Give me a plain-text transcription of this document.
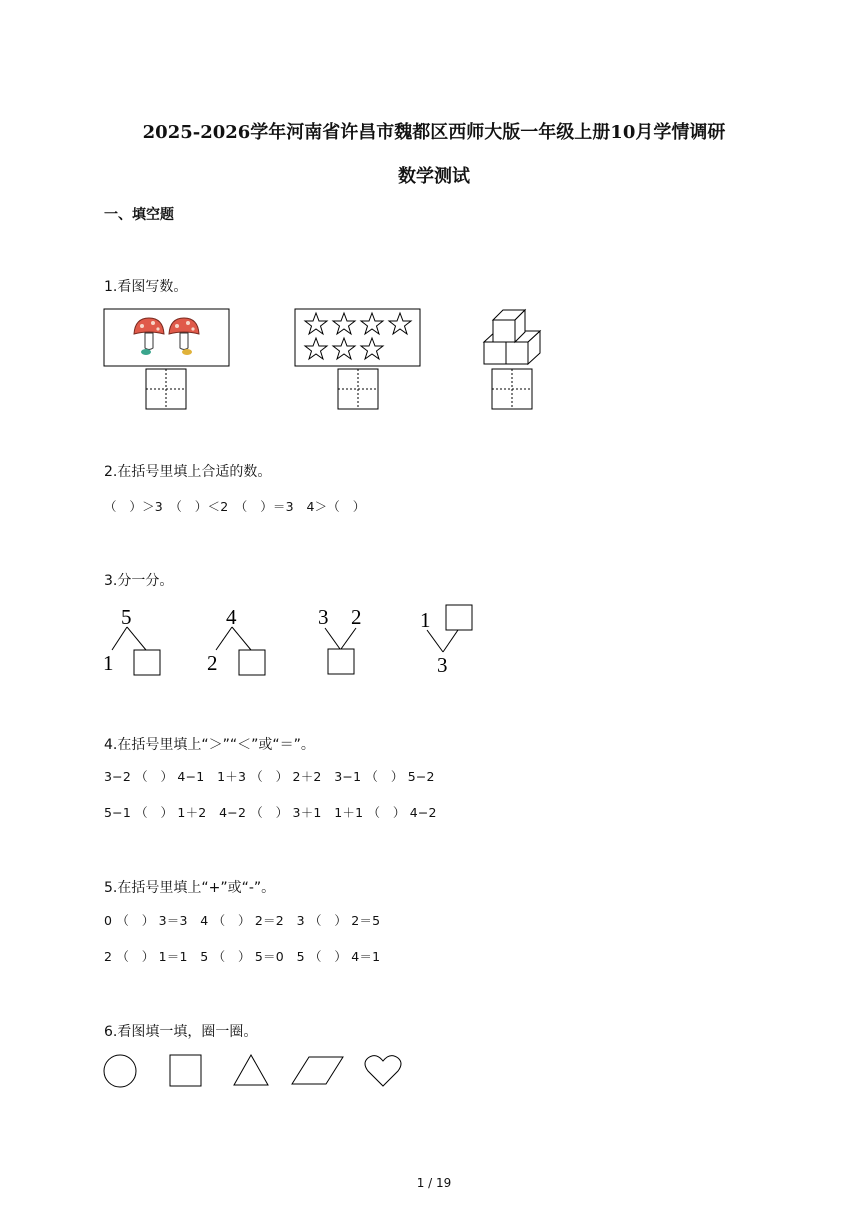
2025-2026学年河南省许昌市魏都区西师大版一年级上册10月学情调研
数学测试
一、填空题
1.看图写数。
5
1
4
2
3 2	1
3
2.在括号里填上合适的数。
（　）＞3　（　）＜2　（　）＝3　4＞（　）
3.分一分。
4.在括号里填上“＞”“＜”或“＝”。
3−2 （　） 4−1　1＋3 （　） 2＋2　3−1 （　） 5−2
5−1 （　） 1＋2　4−2 （　） 3＋1　1＋1 （　） 4−2
5.在括号里填上“+”或“-”。
0 （　） 3＝3　4 （　） 2＝2　3 （　） 2＝5
2 （　） 1＝1　5 （　） 5＝0　5 （　） 4＝1
6.看图填一填，圈一圈。
1 / 19
